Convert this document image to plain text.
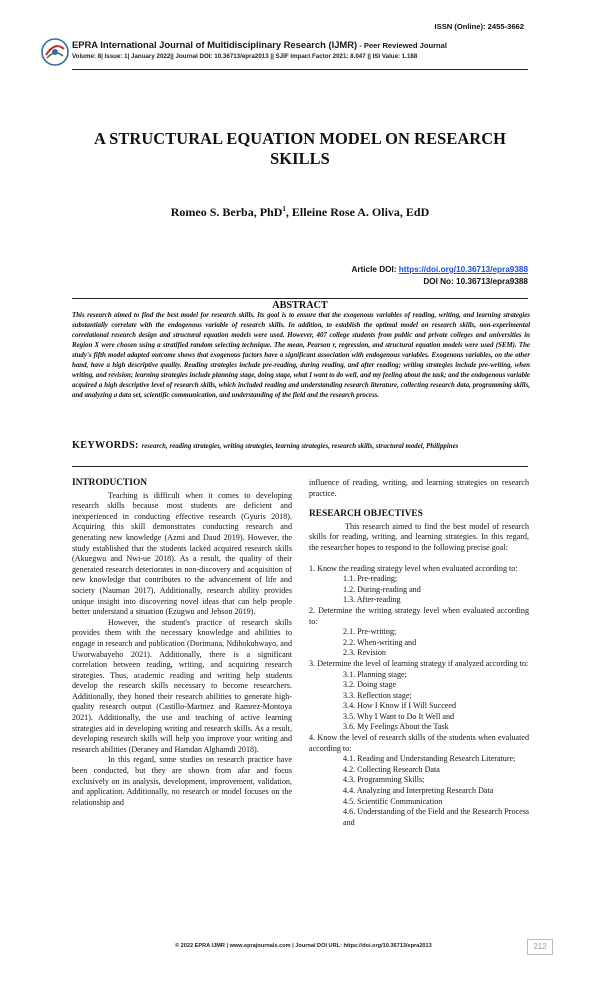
ISSN (Online): 2455-3662
EPRA International Journal of Multidisciplinary Research (IJMR) - Peer Reviewed Journal
Volume: 8| Issue: 1| January 2022|| Journal DOI: 10.36713/epra2013 || SJIF Impact Factor 2021: 8.047 || ISI Value: 1.188
A STRUCTURAL EQUATION MODEL ON RESEARCH
SKILLS
Romeo S. Berba, PhD$^1$, Elleine Rose A. Oliva, EdD
Article DOI: https://doi.org/10.36713/epra9388
DOI No: 10.36713/epra9388
ABSTRACT
This research aimed to find the best model for research skills. Its goal is to ensure that the exogenous variables of reading, writing, and learning strategies substantially correlate with the endogenous variable of research skills. In addition, to establish the optimal model on research skills, non-experimental correlational research design and structural equation models were used. However, 407 college students from public and private colleges and universities in Region X were chosen using a stratified random selecting technique. The mean, Pearson r, regression, and structural equation models were used (SEM). The study's fifth model adapted outcome shows that exogenous factors have a significant association with endogenous variables. Exogenous variables, on the other hand, have a high descriptive quality. Reading strategies include pre-reading, during reading, and after reading; writing strategies include pre-writing, when writing, and revision; learning strategies include planning stage, doing stage, what I want to do well, and my feeling about the task; and the endogenous variable acquired a high descriptive level of research skills, which included reading and understanding research literature, collecting research data, programming skills, and analyzing a data set, scientific communication, and understanding of the field and the research process.
KEYWORDS: research, reading strategies, writing strategies, learning strategies, research skills, structural model, Philippines
INTRODUCTION

Teaching is difficult when it comes to developing research skills because most students are deficient and inexperienced in conducting effective research (Gyuris 2018). Acquiring this skill demonstrates conducting research and generating new knowledge (Azmi and Daud 2019). However, the study established that the students lacked acquired research skills (Akuegwu and Nwi-ue 2018). As a result, the quality of their generated research deteriorates in non-discovery and acquisition of new knowledge that contributes to the advancement of life and society (Nauman 2017). Additionally, research ability provides unique insight into discovering novel ideas that can help people better understand a situation (Ezugwu and Jebson 2019).

However, the student's practice of research skills provides them with the necessary knowledge and abilities to engage in research and publication (Dorimana, Ndihokubwayo, and Uworwabayeho 2021). Additionally, there is a significant correlation between reading, writing, and acquiring research strategies. Thus, academic reading and writing help students develop the research skills necessary to become researchers. Additionally, they honed their research abilities to generate high-quality research output (Castillo-Martnez and Ramrez-Montoya 2021). Additionally, the use and teaching of active learning strategies aid in developing writing and research skills. As a result, developing research skills will help you improve your writing and research abilities (Deraney and Hamdan Alghamdi 2018).

In this regard, some studies on research practice have been conducted, but they are shown from afar and focus exclusively on its analysis, development, improvement, validation, and application. Additionally, no research or model focuses on the relationship and

influence of reading, writing, and learning strategies on research practice.

RESEARCH OBJECTIVES

This research aimed to find the best model of research skills for reading, writing, and learning strategies. In this regard, the researcher hopes to respond to the following precise goal:

1. Know the reading strategy level when evaluated according to:
1.1. Pre-reading;
1.2. During-reading and
1.3. After-reading
2. Determine the writing strategy level when evaluated according to:
2.1. Pre-writing;
2.2. When-writing and
2.3. Revision
3. Determine the level of learning strategy if analyzed according to:
3.1. Planning stage;
3.2. Doing stage
3.3. Reflection stage;
3.4. How I Know if I Will Succeed
3.5. Why I Want to Do It Well and
3.6. My Feelings About the Task
4. Know the level of research skills of the students when evaluated according to:
4.1. Reading and Understanding Research Literature;
4.2. Collecting Research Data
4.3. Programming Skills;
4.4. Analyzing and Interpreting Research Data
4.5. Scientific Communication
4.6. Understanding of the Field and the Research Process and
© 2022 EPRA IJMR | www.eprajournals.com | Journal DOI URL: https://doi.org/10.36713/epra2013	212
